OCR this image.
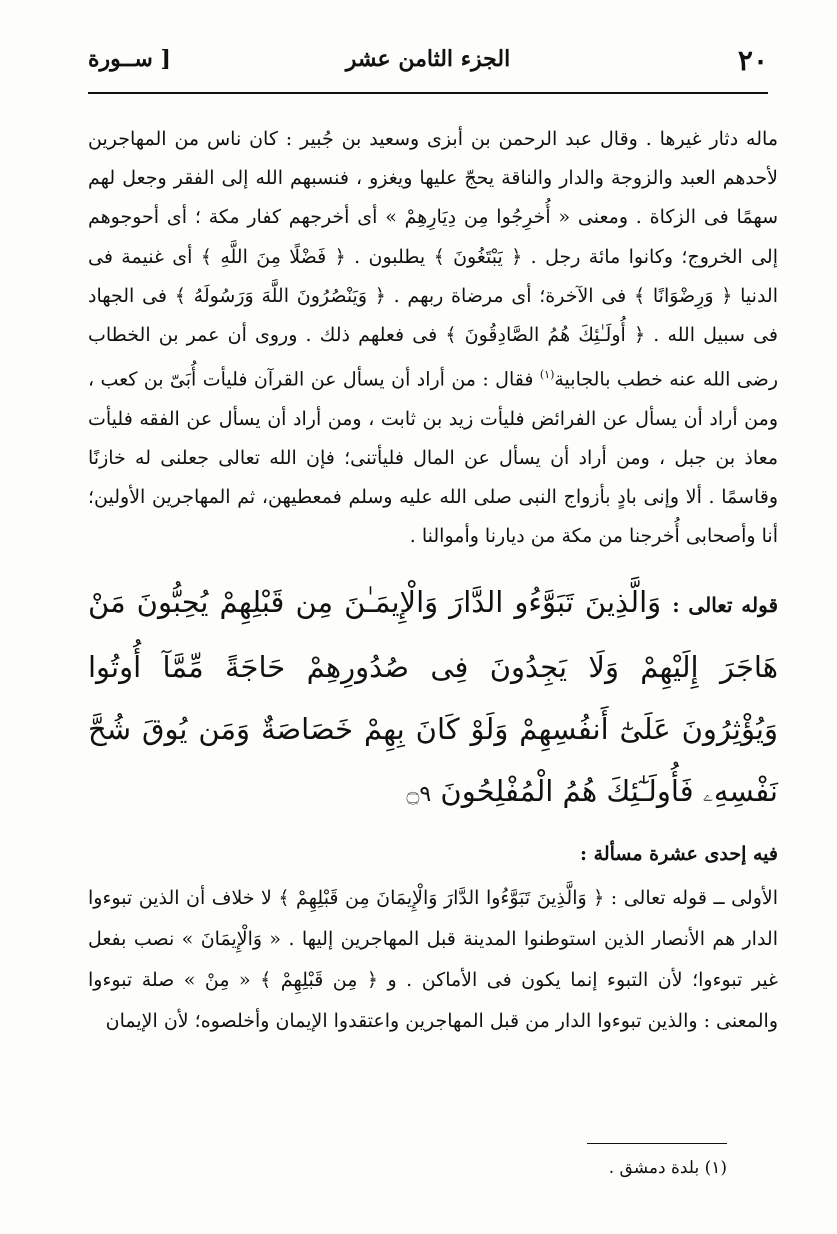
٢٠
الجزء الثامن عشر
[ ســورة

ماله دثار غيرها . وقال عبد الرحمن بن أبزى وسعيد بن جُبير : كان ناس من المهاجرين لأحدهم العبد والزوجة والدار والناقة يحجّ عليها ويغزو ، فنسبهم الله إلى الفقر وجعل لهم سهمًا فى الزكاة . ومعنى « أُخرِجُوا مِن دِيَارِهِمْ » أى أخرجهم كفار مكة ؛ أى أحوجوهم إلى الخروج؛ وكانوا مائة رجل . ﴿ يَبْتَغُونَ ﴾ يطلبون . ﴿ فَضْلًا مِنَ اللَّهِ ﴾ أى غنيمة فى الدنيا ﴿ وَرِضْوَانًا ﴾ فى الآخرة؛ أى مرضاة ربهم . ﴿ وَيَنْصُرُونَ اللَّهَ وَرَسُولَهُ ﴾ فى الجهاد فى سبيل الله . ﴿ أُولَـٰئِكَ هُمُ الصَّادِقُونَ ﴾ فى فعلهم ذلك . وروى أن عمر بن الخطاب رضى الله عنه خطب بالجابية$^{(١)}$ فقال : من أراد أن يسأل عن القرآن فليأت أُبَىّ بن كعب ، ومن أراد أن يسأل عن الفرائض فليأت زيد بن ثابت ، ومن أراد أن يسأل عن الفقه فليأت معاذ بن جبل ، ومن أراد أن يسأل عن المال فليأتنى؛ فإن الله تعالى جعلنى له خازنًا وقاسمًا . ألا وإنى بادٍ بأزواج النبى صلى الله عليه وسلم فمعطيهن، ثم المهاجرين الأولين؛ أنا وأصحابى أُخرجنا من مكة من ديارنا وأموالنا .

قوله تعالى : وَالَّذِينَ تَبَوَّءُو الدَّارَ وَالْإِيمَـٰنَ مِن قَبْلِهِمْ يُحِبُّونَ مَنْ هَاجَرَ إِلَيْهِمْ وَلَا يَجِدُونَ فِى صُدُورِهِمْ حَاجَةً مِّمَّآ أُوتُوا وَيُؤْثِرُونَ عَلَىٰٓ أَنفُسِهِمْ وَلَوْ كَانَ بِهِمْ خَصَاصَةٌ وَمَن يُوقَ شُحَّ نَفْسِهِۦ فَأُولَـٰٓئِكَ هُمُ الْمُفْلِحُونَ ۝٩

فيه إحدى عشرة مسألة :

الأولى ــ قوله تعالى : ﴿ وَالَّذِينَ تَبَوَّءُوا الدَّارَ وَالْإِيمَانَ مِن قَبْلِهِمْ ﴾ لا خلاف أن الذين تبوءوا الدار هم الأنصار الذين استوطنوا المدينة قبل المهاجرين إليها . « وَالْإِيمَانَ » نصب بفعل غير تبوءوا؛ لأن التبوء إنما يكون فى الأماكن . و ﴿ مِن قَبْلِهِمْ ﴾ « مِنْ » صلة تبوءوا والمعنى : والذين تبوءوا الدار من قبل المهاجرين واعتقدوا الإيمان وأخلصوه؛ لأن الإيمان

(١) بلدة دمشق .
